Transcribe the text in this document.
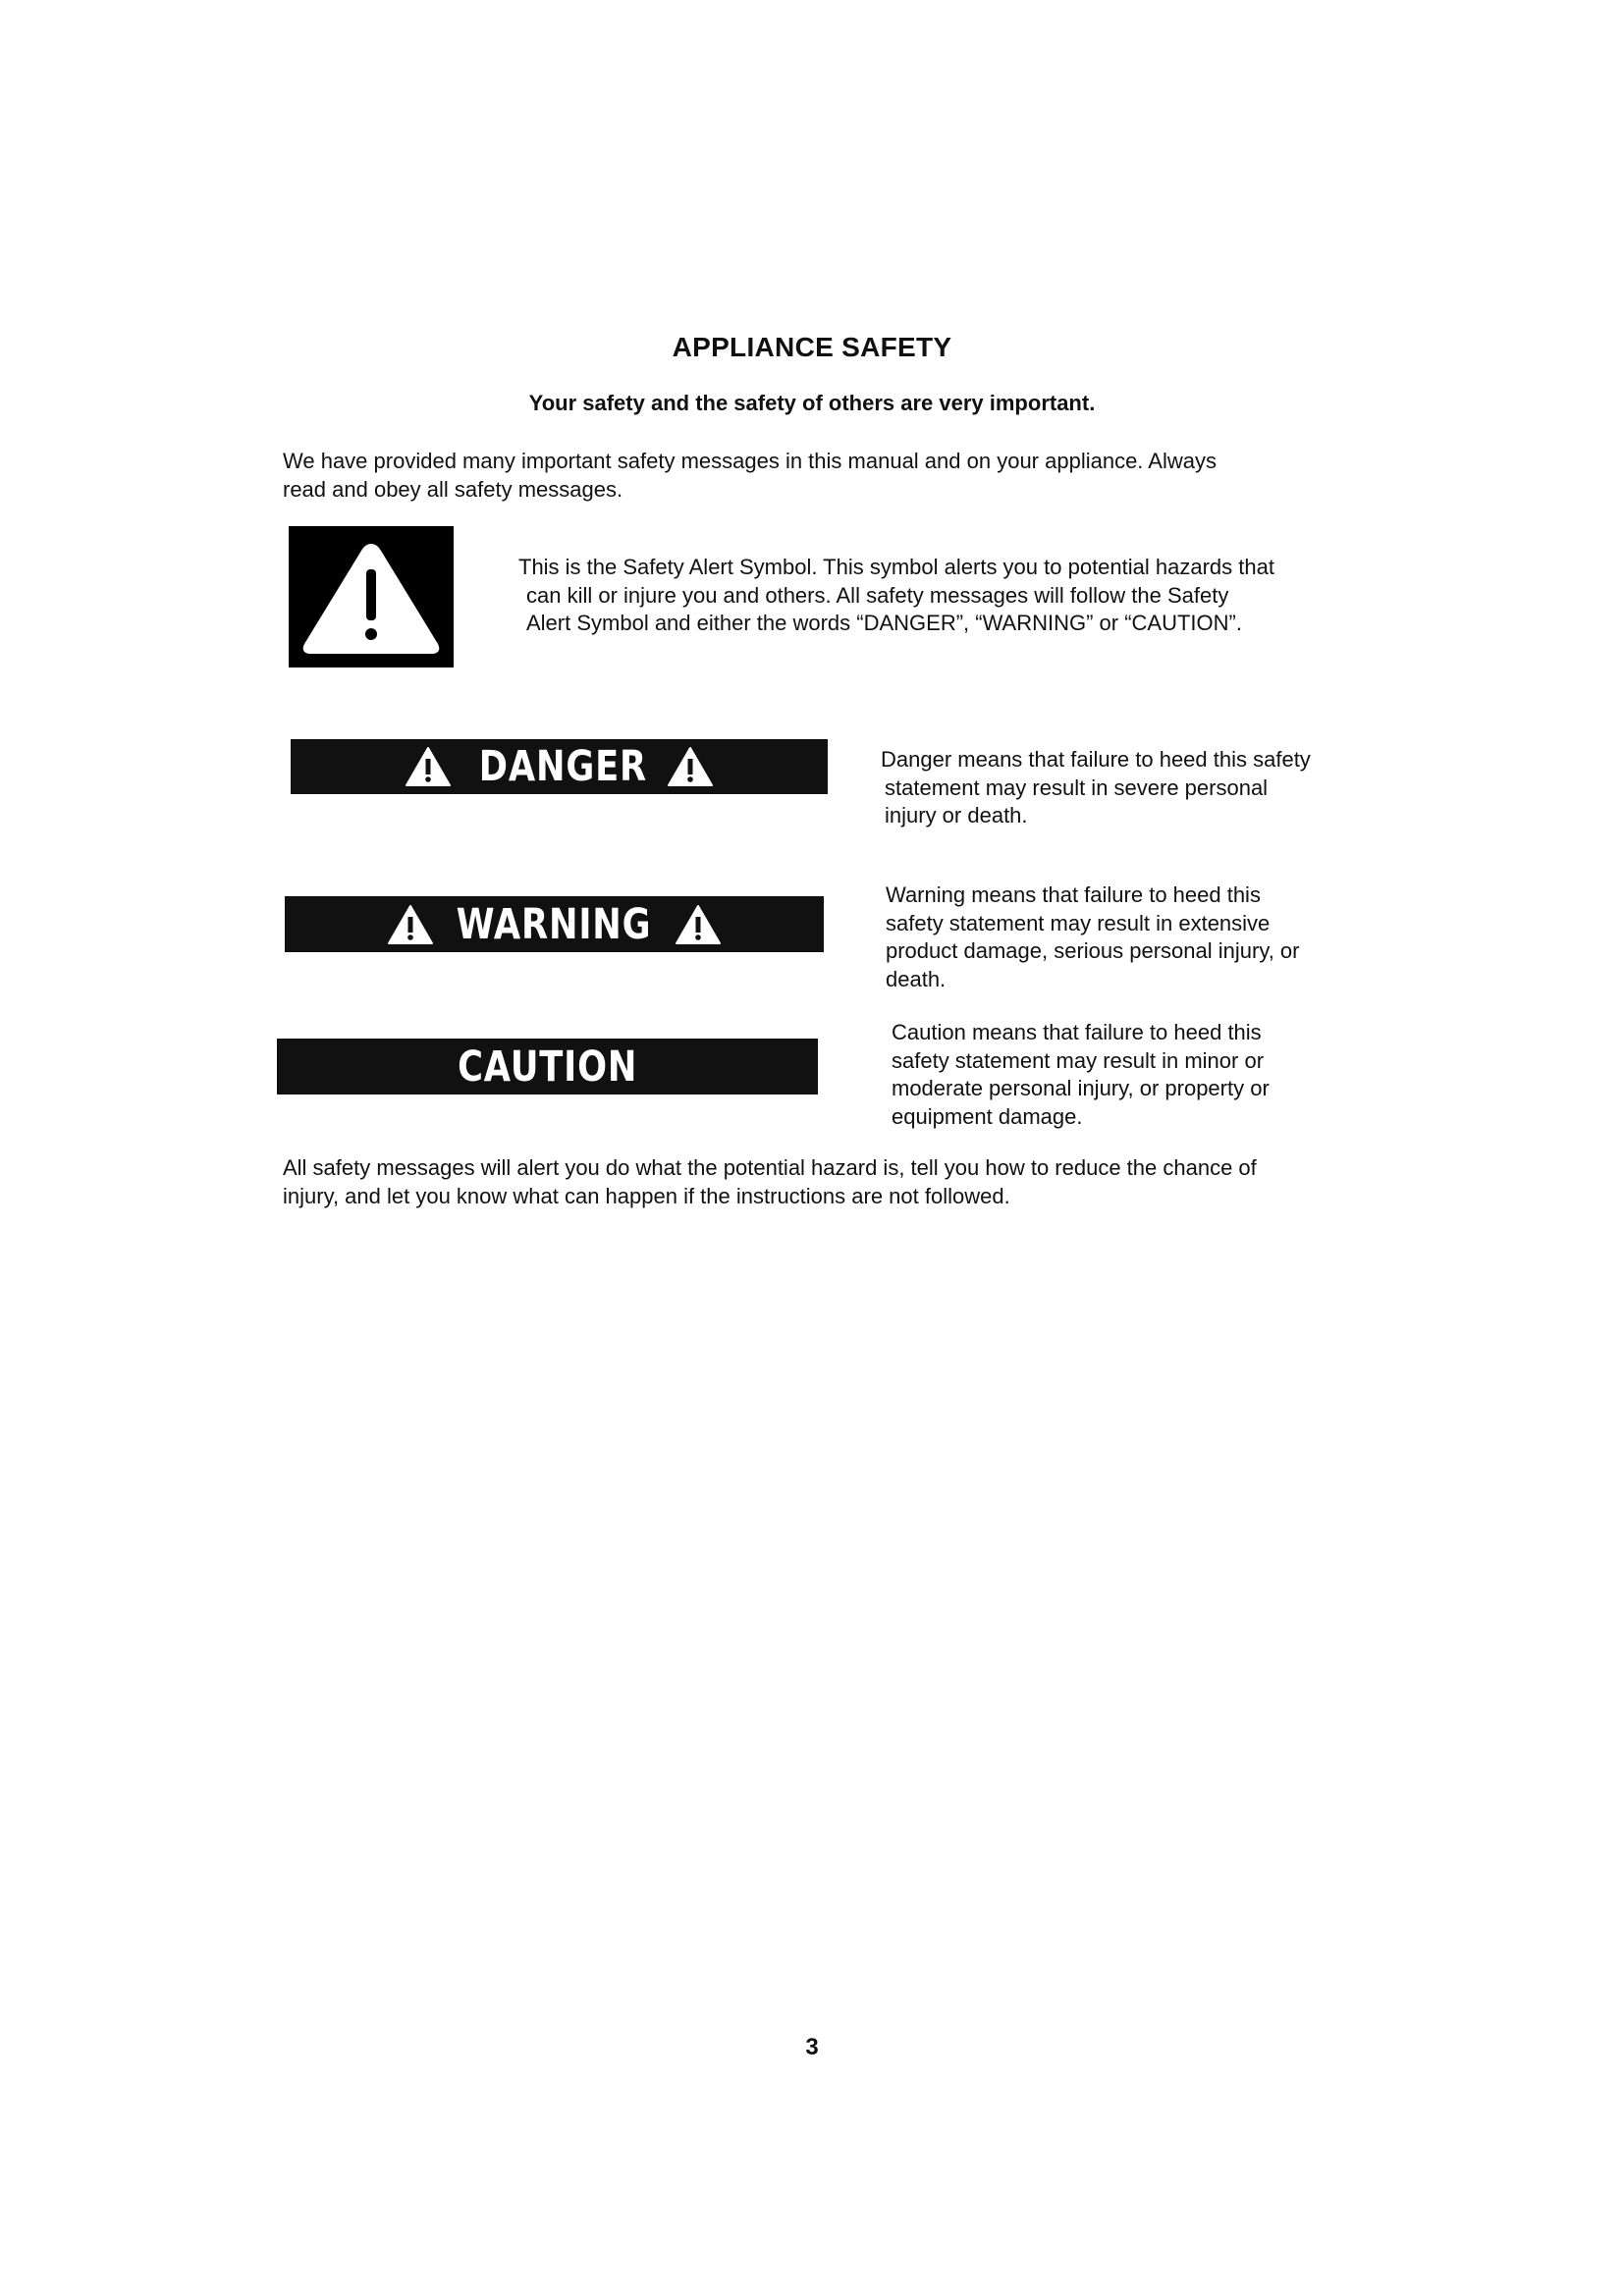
APPLIANCE SAFETY
Your safety and the safety of others are very important.
We have provided many important safety messages in this manual and on your appliance. Always
read and obey all safety messages.
This is the Safety Alert Symbol. This symbol alerts you to potential hazards that
can kill or injure you and others. All safety messages will follow the Safety
Alert Symbol and either the words “DANGER”, “WARNING” or “CAUTION”.
DANGER	Danger means that failure to heed this safety
statement may result in severe personal
injury or death.
WARNING
Warning means that failure to heed this
safety statement may result in extensive
product damage, serious personal injury, or
death.
CAUTION
Caution means that failure to heed this
safety statement may result in minor or
moderate personal injury, or property or
equipment damage.
All safety messages will alert you do what the potential hazard is, tell you how to reduce the chance of
injury, and let you know what can happen if the instructions are not followed.
3
